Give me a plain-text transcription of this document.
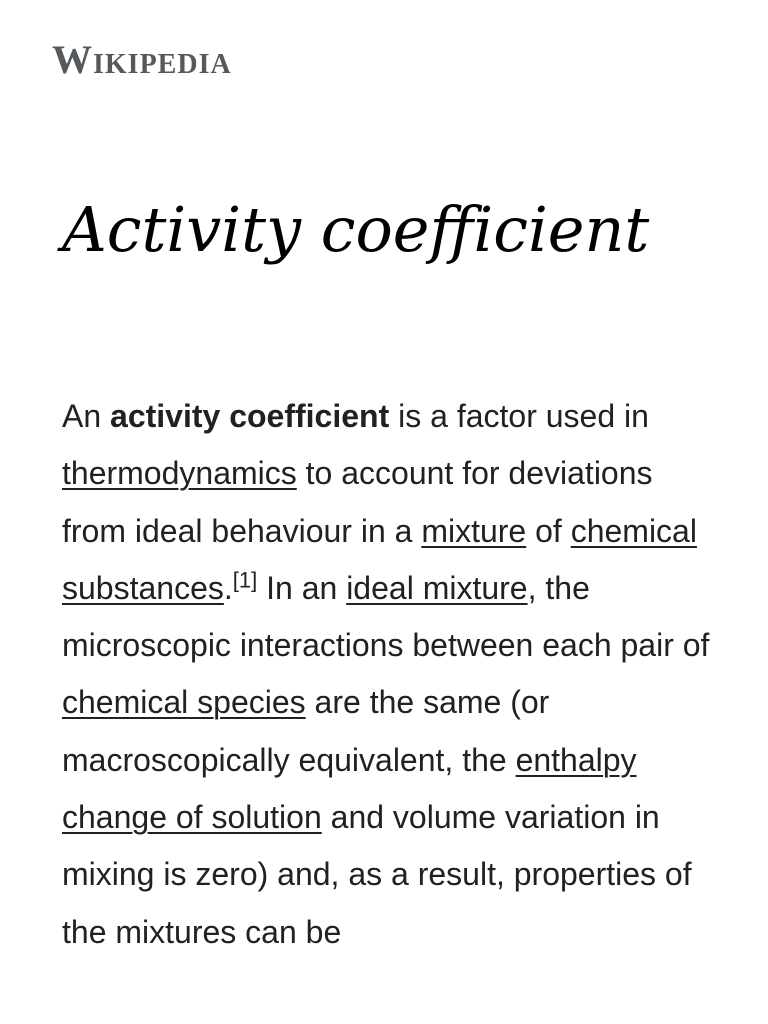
Wikipedia
Activity coefficient

An activity coefficient is a factor used in thermodynamics to account for deviations from ideal behaviour in a mixture of chemical substances.[1] In an ideal mixture, the microscopic interactions between each pair of chemical species are the same (or macroscopically equivalent, the enthalpy change of solution and volume variation in mixing is zero) and, as a result, properties of the mixtures can be
